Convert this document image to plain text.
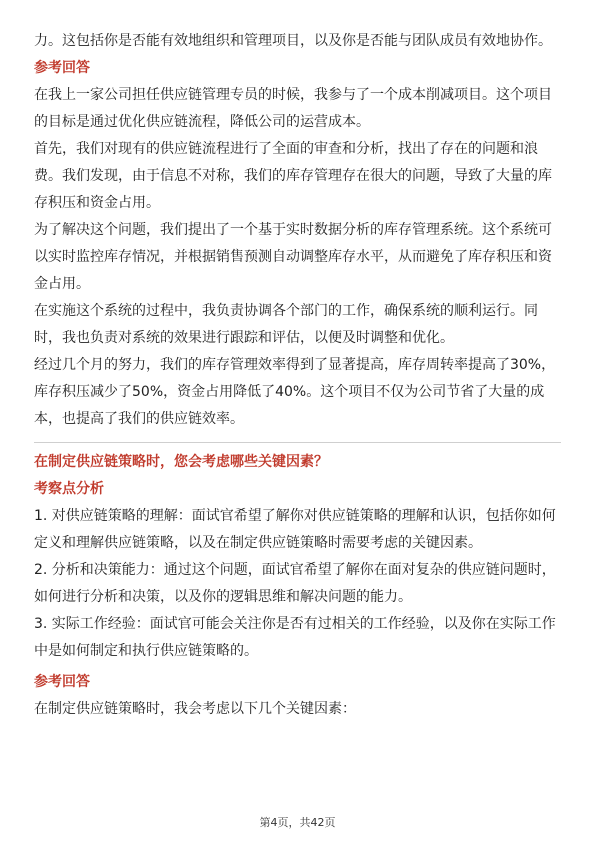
力。这包括你是否能有效地组织和管理项目，以及你是否能与团队成员有效地协作。

参考回答

在我上一家公司担任供应链管理专员的时候，我参与了一个成本削减项目。这个项目的目标是通过优化供应链流程，降低公司的运营成本。

首先，我们对现有的供应链流程进行了全面的审查和分析，找出了存在的问题和浪费。我们发现，由于信息不对称，我们的库存管理存在很大的问题，导致了大量的库存积压和资金占用。

为了解决这个问题，我们提出了一个基于实时数据分析的库存管理系统。这个系统可以实时监控库存情况，并根据销售预测自动调整库存水平，从而避免了库存积压和资金占用。

在实施这个系统的过程中，我负责协调各个部门的工作，确保系统的顺利运行。同时，我也负责对系统的效果进行跟踪和评估，以便及时调整和优化。

经过几个月的努力，我们的库存管理效率得到了显著提高，库存周转率提高了30%，库存积压减少了50%，资金占用降低了40%。这个项目不仅为公司节省了大量的成本，也提高了我们的供应链效率。

在制定供应链策略时，您会考虑哪些关键因素？
考察点分析

1. 对供应链策略的理解：面试官希望了解你对供应链策略的理解和认识，包括你如何定义和理解供应链策略，以及在制定供应链策略时需要考虑的关键因素。

2. 分析和决策能力：通过这个问题，面试官希望了解你在面对复杂的供应链问题时，如何进行分析和决策，以及你的逻辑思维和解决问题的能力。

3. 实际工作经验：面试官可能会关注你是否有过相关的工作经验，以及你在实际工作中是如何制定和执行供应链策略的。

参考回答

在制定供应链策略时，我会考虑以下几个关键因素：

第4页，共42页
